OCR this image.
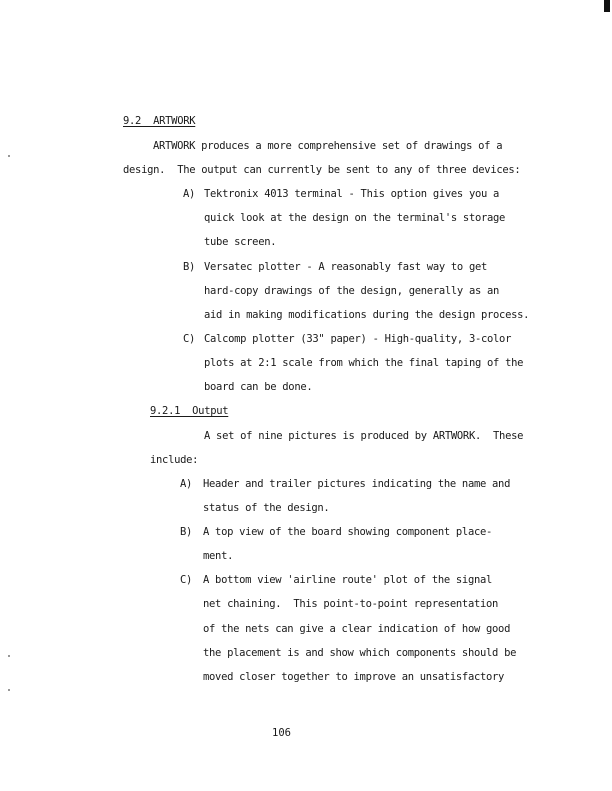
9.2  ARTWORK
ARTWORK produces a more comprehensive set of drawings of a
design.  The output can currently be sent to any of three devices:
A) Tektronix 4013 terminal - This option gives you a
quick look at the design on the terminal's storage
tube screen.
B) Versatec plotter - A reasonably fast way to get
hard-copy drawings of the design, generally as an
aid in making modifications during the design process.
C) Calcomp plotter (33" paper) - High-quality, 3-color
plots at 2:1 scale from which the final taping of the
board can be done.
9.2.1  Output
A set of nine pictures is produced by ARTWORK.  These
include:
A) Header and trailer pictures indicating the name and
status of the design.
B) A top view of the board showing component place-
ment.
C) A bottom view 'airline route' plot of the signal
net chaining.  This point-to-point representation
of the nets can give a clear indication of how good
the placement is and show which components should be
moved closer together to improve an unsatisfactory
106
